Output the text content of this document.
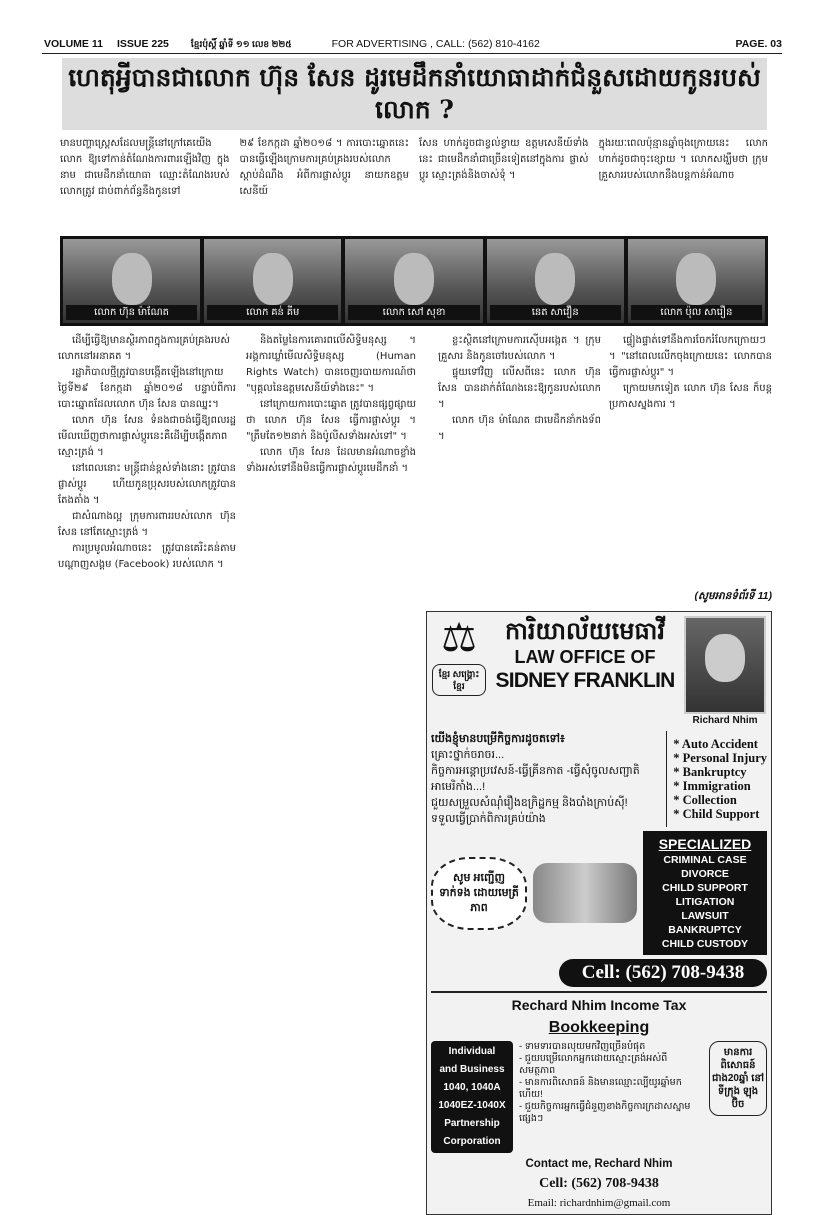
VOLUME 11 ISSUE 225 ខ្មែរប៉ុស្តិ៍ ឆ្នាំទី ១១ លេខ ២២៥	FOR ADVERTISING , CALL: (562) 810-4162	PAGE. 03
ហេតុអ្វីបានជាលោក ហ៊ុន សែន ដូរមេដឹកនាំយោធាដាក់ជំនួសដោយកូនរបស់លោក ?
មានបញ្ហាស្ត្រេសដែលមន្ត្រីនៅក្រៅគេយើង លោក ឱ្យទៅកាន់តំណែងការពារឡើងវិញ ក្នុងនាម ជាមេដឹកនាំយោធា ឈ្មោះតំណែងរបស់លោកត្រូវ ជាប់ពាក់ព័ន្ធនឹងកូនទៅ
២៩ ខែកក្កដា ឆ្នាំ២០១៨ ។ ការបោះឆ្នោតនេះ បានធ្វើឡើងក្រោមការគ្រប់គ្រងរបស់លោក ស្តាប់ដំណឹង អំពីការផ្លាស់ប្តូរ នាយកឧត្តមសេនីយ៍
សែន ហាក់ដូចជាខ្វល់ខ្វាយ ឧត្តមសេនីយ៍ទាំងនេះ ជាមេដឹកនាំជាច្រើនទៀតនៅក្នុងការ ផ្លាស់ប្តូរ ស្មោះត្រង់និងចាស់ទុំ ។
ក្នុងរយៈពេលប៉ុន្មានឆ្នាំចុងក្រោយនេះ លោក ហាក់ដូចជាចុះខ្សោយ ។ លោកសង្ឃឹមថា ក្រុមគ្រួសាររបស់លោកនឹងបន្តកាន់អំណាច
លោក ហ៊ុន ម៉ាណែត	លោក គន់ គីម	លោក សៅ សុខា	នេត សាវឿន	លោក ប៉ុល សារឿន

ដើម្បីធ្វើឱ្យមានស្ថិរភាពក្នុងការគ្រប់គ្រងរបស់លោកនៅអនាគត ។

រដ្ឋាភិបាលថ្មីត្រូវបានបង្កើតឡើងនៅក្រោយថ្ងៃទី២៩ ខែកក្កដា ឆ្នាំ២០១៨ បន្ទាប់ពីការបោះឆ្នោតដែលលោក ហ៊ុន សែន បានឈ្នះ។

លោក ហ៊ុន សែន ទំនងជាចង់ធ្វើឱ្យពលរដ្ឋមើលឃើញថាការផ្លាស់ប្តូរនេះគឺដើម្បីបង្កើតភាពស្មោះត្រង់ ។

នៅពេលនោះ មន្ត្រីជាន់ខ្ពស់ទាំងនោះ ត្រូវបានផ្លាស់ប្តូរ ហើយកូនប្រុសរបស់លោកត្រូវបានតែងតាំង ។

ជាសំណាងល្អ ក្រុមការពាររបស់លោក ហ៊ុន សែន នៅតែស្មោះត្រង់ ។

ការប្រមូលអំណាចនេះ ត្រូវបានគេរិះគន់តាមបណ្តាញសង្គម (Facebook) របស់លោក ។

និងតម្លៃនៃការគោរពលើសិទ្ធិមនុស្ស ។ អង្គការឃ្លាំមើលសិទ្ធិមនុស្ស (Human Rights Watch) បានចេញរបាយការណ៍ថា "បុគ្គលនៃឧត្តមសេនីយ៍ទាំងនេះ" ។

នៅក្រោយការបោះឆ្នោត ត្រូវបានផ្សព្វផ្សាយថា លោក ហ៊ុន សែន ធ្វើការផ្លាស់ប្តូរ ។ "ត្រឹមតែ១២នាក់ និងប៉ូលីសទាំងអស់ទៅ" ។

លោក ហ៊ុន សែន ដែលមានអំណាចខ្លាំងទាំងអស់ទៅនឹងមិនធ្វើការផ្លាស់ប្តូរមេដឹកនាំ ។

ខ្លះស្ថិតនៅក្រោមការស៊ើបអង្កេត ។ ក្រុមគ្រួសារ និងកូនចៅរបស់លោក ។

ផ្ទុយទៅវិញ លើសពីនេះ លោក ហ៊ុន សែន បានដាក់តំណែងនេះឱ្យកូនរបស់លោក ។

លោក ហ៊ុន ម៉ាណែត ជាមេដឹកនាំកងទ័ព ។

ផ្ទៀងផ្ទាត់ទៅនឹងការចែករំលែកក្រោយៗ ។ "នៅពេលលើកចុងក្រោយនេះ លោកបានធ្វើការផ្លាស់ប្តូរ" ។

ក្រោយមកទៀត លោក ហ៊ុន សែន ក៏បន្ដប្រកាសស្នងការ ។

(សូមអានទំព័រទី 11)
⚖
ខ្មែរ សង្គ្រោះខ្មែរ
ការិយាល័យមេធាវី
LAW OFFICE OF
SIDNEY FRANKLIN
Richard Nhim
យើងខ្ញុំមានបម្រើកិច្ចការដូចតទៅ៖
គ្រោះថ្នាក់ចរាចរ...
កិច្ចការអន្តោប្រវេសន៍-ធ្វើគ្រីនកាត -ធ្វើសុំចូលសញ្ជាតិអាមេរិកាំង...!
ជួយសម្រួលសំណុំរឿងឧក្រិដ្ឋកម្ម និងបាំងក្រាប់ស៊ី!
ទទួលធ្វើប្រាក់ពិការគ្រប់យ៉ាង
* Auto Accident
* Personal Injury
* Bankruptcy
* Immigration
* Collection
* Child Support
សូម អញ្ជើញ ទាក់ទង ដោយមេត្រីភាព
SPECIALIZED
CRIMINAL CASE
DIVORCE
CHILD SUPPORT
LITIGATION
LAWSUIT
BANKRUPTCY
CHILD CUSTODY
Cell: (562) 708-9438
Rechard Nhim Income Tax
Bookkeeping
Individual
and Business
1040, 1040A
1040EZ-1040X
Partnership
Corporation
- ទាមទារបានលុយមកវិញច្រើនបំផុត
- ជួយបម្រើលោកអ្នកដោយស្មោះត្រង់អស់ពីសមត្ថភាព
- មានការពិសោធន៍ និងមានឈ្មោះល្បីយូរឆ្នាំមកហើយ!
- ជួយកិច្ចការអ្នកធ្វើជំនួញខាងកិច្ចការក្រដាសស្នាមផ្សេងៗ
មានការ ពិសោធន៍ ជាង20ឆ្នាំ នៅទីក្រុង ឡុងប៊ិច
Contact me, Rechard Nhim
Cell: (562) 708-9438
Email: richardnhim@gmail.com
